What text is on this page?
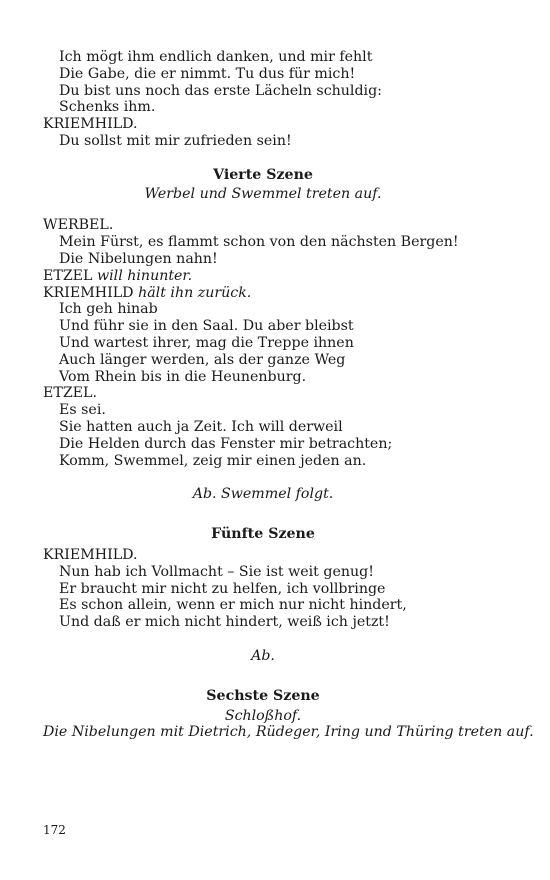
Ich mögt ihm endlich danken, und mir fehlt
Die Gabe, die er nimmt. Tu dus für mich!
Du bist uns noch das erste Lächeln schuldig:
Schenks ihm.
KRIEMHILD.
Du sollst mit mir zufrieden sein!
Vierte Szene
Werbel und Swemmel treten auf.
WERBEL.
Mein Fürst, es flammt schon von den nächsten Bergen!
Die Nibelungen nahn!
ETZEL will hinunter.
KRIEMHILD hält ihn zurück.
Ich geh hinab
Und führ sie in den Saal. Du aber bleibst
Und wartest ihrer, mag die Treppe ihnen
Auch länger werden, als der ganze Weg
Vom Rhein bis in die Heunenburg.
ETZEL.
Es sei.
Sie hatten auch ja Zeit. Ich will derweil
Die Helden durch das Fenster mir betrachten;
Komm, Swemmel, zeig mir einen jeden an.
Ab. Swemmel folgt.
Fünfte Szene
KRIEMHILD.
Nun hab ich Vollmacht – Sie ist weit genug!
Er braucht mir nicht zu helfen, ich vollbringe
Es schon allein, wenn er mich nur nicht hindert,
Und daß er mich nicht hindert, weiß ich jetzt!
Ab.
Sechste Szene
Schloßhof.
Die Nibelungen mit Dietrich, Rüdeger, Iring und Thüring treten auf.
172
